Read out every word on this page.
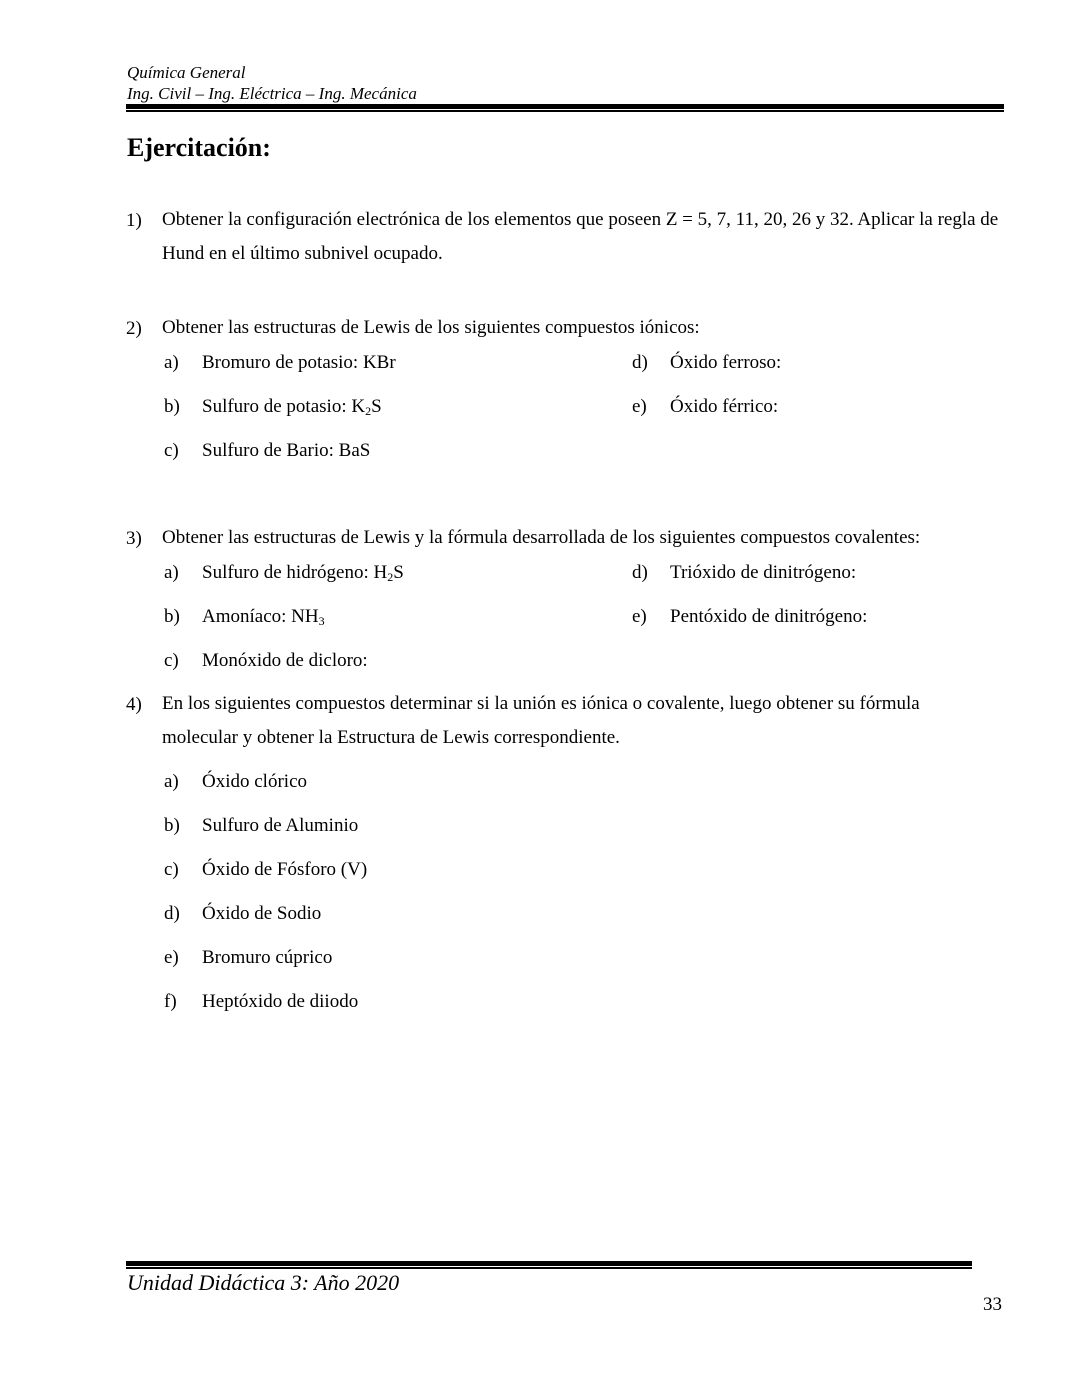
Química General
Ing. Civil – Ing. Eléctrica – Ing. Mecánica
Ejercitación:
1) Obtener la configuración electrónica de los elementos que poseen Z = 5, 7, 11, 20, 26 y 32. Aplicar la regla de Hund en el último subnivel ocupado.
2) Obtener las estructuras de Lewis de los siguientes compuestos iónicos:
a) Bromuro de potasio: KBr	d) Óxido ferroso:
b) Sulfuro de potasio: $K_2S$	e) Óxido férrico:
c) Sulfuro de Bario: BaS
3) Obtener las estructuras de Lewis y la fórmula desarrollada de los siguientes compuestos covalentes:
a) Sulfuro de hidrógeno: $H_2S$	d) Trióxido de dinitrógeno:
b) Amoníaco: $NH_3$	e) Pentóxido de dinitrógeno:
c) Monóxido de dicloro:
4) En los siguientes compuestos determinar si la unión es iónica o covalente, luego obtener su fórmula molecular y obtener la Estructura de Lewis correspondiente.
a) Óxido clórico
b) Sulfuro de Aluminio
c) Óxido de Fósforo (V)
d) Óxido de Sodio
e) Bromuro cúprico
f) Heptóxido de diiodo
Unidad Didáctica 3: Año 2020
33
